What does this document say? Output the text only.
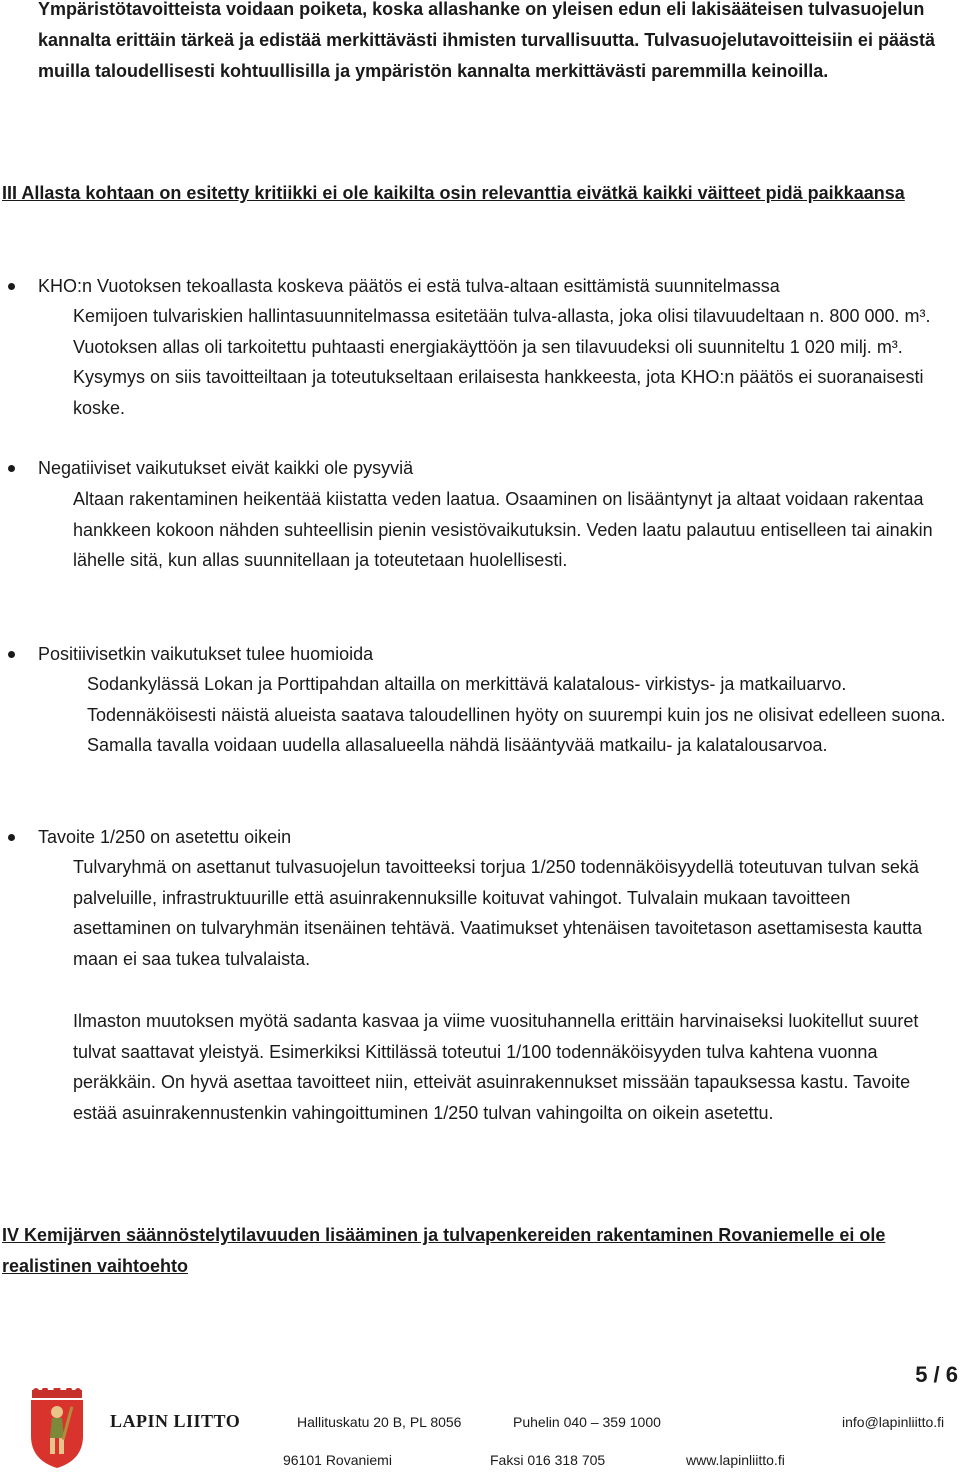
Ympäristötavoitteista voidaan poiketa, koska allashanke on yleisen edun eli lakisääteisen tulvasuojelun kannalta erittäin tärkeä ja edistää merkittävästi ihmisten turvallisuutta. Tulvasuojelutavoitteisiin ei päästä muilla taloudellisesti kohtuullisilla ja ympäristön kannalta merkittävästi paremmilla keinoilla.

III Allasta kohtaan on esitetty kritiikki ei ole kaikilta osin relevanttia eivätkä kaikki väitteet pidä paikkaansa

KHO:n Vuotoksen tekoallasta koskeva päätös ei estä tulva-altaan esittämistä suunnitelmassa

Kemijoen tulvariskien hallintasuunnitelmassa esitetään tulva-allasta, joka olisi tilavuudeltaan n. 800 000. m³. Vuotoksen allas oli tarkoitettu puhtaasti energiakäyttöön ja sen tilavuudeksi oli suunniteltu 1 020 milj. m³. Kysymys on siis tavoitteiltaan ja toteutukseltaan erilaisesta hankkeesta, jota KHO:n päätös ei suoranaisesti koske.

Negatiiviset vaikutukset eivät kaikki ole pysyviä

Altaan rakentaminen heikentää kiistatta veden laatua. Osaaminen on lisääntynyt ja altaat voidaan rakentaa hankkeen kokoon nähden suhteellisin pienin vesistövaikutuksin. Veden laatu palautuu entiselleen tai ainakin lähelle sitä, kun allas suunnitellaan ja toteutetaan huolellisesti.

Positiivisetkin vaikutukset tulee huomioida

Sodankylässä Lokan ja Porttipahdan altailla on merkittävä kalatalous- virkistys- ja matkailuarvo. Todennäköisesti näistä alueista saatava taloudellinen hyöty on suurempi kuin jos ne olisivat edelleen suona. Samalla tavalla voidaan uudella allasalueella nähdä lisääntyvää matkailu- ja kalatalousarvoa.

Tavoite 1/250 on asetettu oikein

Tulvaryhmä on asettanut tulvasuojelun tavoitteeksi torjua 1/250 todennäköisyydellä toteutuvan tulvan sekä palveluille, infrastruktuurille että asuinrakennuksille koituvat vahingot. Tulvalain mukaan tavoitteen asettaminen on tulvaryhmän itsenäinen tehtävä. Vaatimukset yhtenäisen tavoitetason asettamisesta kautta maan ei saa tukea tulvalaista.

Ilmaston muutoksen myötä sadanta kasvaa ja viime vuosituhannella erittäin harvinaiseksi luokitellut suuret tulvat saattavat yleistyä. Esimerkiksi Kittilässä toteutui 1/100 todennäköisyyden tulva kahtena vuonna peräkkäin. On hyvä asettaa tavoitteet niin, etteivät asuinrakennukset missään tapauksessa kastu. Tavoite estää asuinrakennustenkin vahingoittuminen 1/250 tulvan vahingoilta on oikein asetettu.

IV Kemijärven säännöstelytilavuuden lisääminen ja tulvapenkereiden rakentaminen Rovaniemelle ei ole realistinen vaihtoehto

5 / 6
LAPIN LIITTO	Hallituskatu 20 B, PL 8056	Puhelin 040 – 359 1000	info@lapinliitto.fi
96101 Rovaniemi	Faksi 016 318 705	www.lapinliitto.fi
